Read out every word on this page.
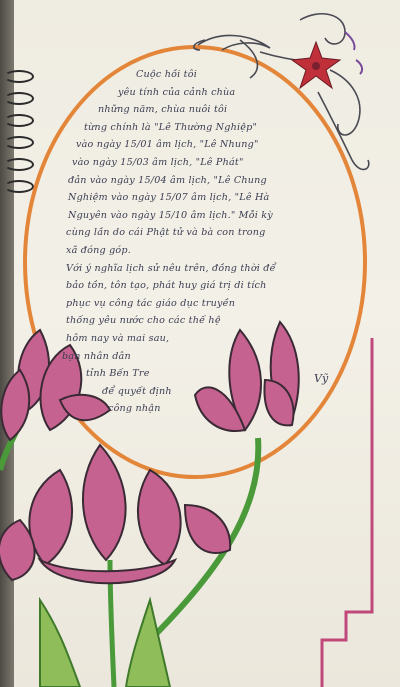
Cuộc hồi tôi
yêu tính của cảnh chùa
những năm, chùa nuôi tôi
từng chính là "Lê Thường Nghiệp"
vào ngày 15/01 âm lịch, "Lê Nhung"
vào ngày 15/03 âm lịch, "Lê Phát"
đản vào ngày 15/04 âm lịch, "Lê Chung
Nghiệm vào ngày 15/07 âm lịch, "Lê Hà
Nguyên vào ngày 15/10 âm lịch." Mỗi kỳ
cùng lần do cái Phật tử và bà con trong
xã đóng góp.
Với ý nghĩa lịch sử nêu trên, đồng thời để
bảo tồn, tôn tạo, phát huy giá trị di tích
phục vụ công tác giáo dục truyền
thống yêu nước cho các thế hệ
hôm nay và mai sau,
bạn nhân dân
tỉnh Bến Tre
để quyết định
công nhận
Vỹ
